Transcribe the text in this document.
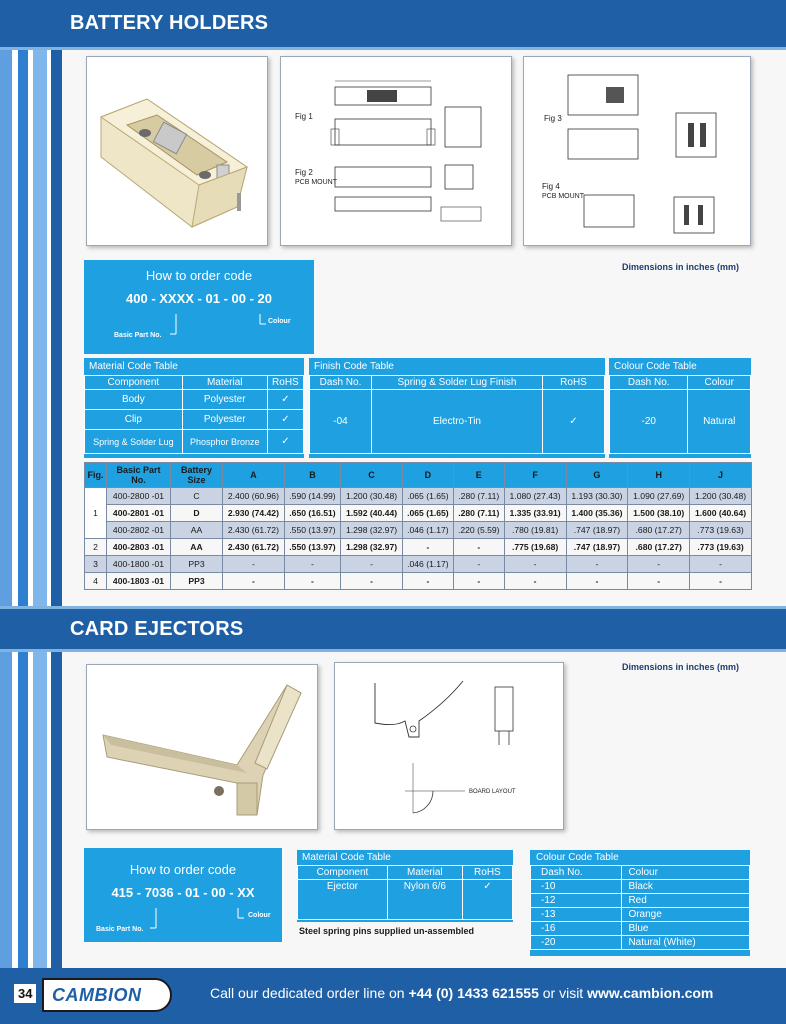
BATTERY HOLDERS
Fig 1
Fig 2
PCB MOUNT
Fig 3
Fig 4
PCB MOUNT
Dimensions in inches (mm)
How to order code
400 - XXXX - 01 - 00 - 20
Basic Part No.
Colour
Material Code Table
Component	Material	RoHS
Body	Polyester	✓
Clip	Polyester	✓
Spring & Solder Lug	Phosphor Bronze	✓
Finish Code Table
Dash No.	Spring & Solder Lug Finish	RoHS
-04	Electro-Tin	✓
Colour Code Table
Dash No.	Colour
-20	Natural
Fig.	Basic Part No.	Battery Size	A	B	C	D	E	F	G	H	J
1	400-2800 -01	C	2.400 (60.96)	.590 (14.99)	1.200 (30.48)	.065 (1.65)	.280 (7.11)	1.080 (27.43)	1.193 (30.30)	1.090 (27.69)	1.200 (30.48)
	400-2801 -01	D	2.930 (74.42)	.650 (16.51)	1.592 (40.44)	.065 (1.65)	.280 (7.11)	1.335 (33.91)	1.400 (35.36)	1.500 (38.10)	1.600 (40.64)
	400-2802 -01	AA	2.430 (61.72)	.550 (13.97)	1.298 (32.97)	.046 (1.17)	.220 (5.59)	.780 (19.81)	.747 (18.97)	.680 (17.27)	.773 (19.63)
2	400-2803 -01	AA	2.430 (61.72)	.550 (13.97)	1.298 (32.97)	-	-	.775 (19.68)	.747 (18.97)	.680 (17.27)	.773 (19.63)
3	400-1800 -01	PP3	-	-	-	.046 (1.17)	-	-	-	-	-
4	400-1803 -01	PP3	-	-	-	-	-	-	-	-	-
CARD EJECTORS
BOARD LAYOUT
Dimensions in inches (mm)
How to order code
415 - 7036 - 01 - 00 - XX
Basic Part No.
Colour
Material Code Table
Component	Material	RoHS
Ejector	Nylon 6/6	✓
Steel spring pins supplied un-assembled
Colour Code Table
Dash No.	Colour
-10	Black
-12	Red
-13	Orange
-16	Blue
-20	Natural (White)
34 CAMBION	Call our dedicated order line on +44 (0) 1433 621555 or visit www.cambion.com
